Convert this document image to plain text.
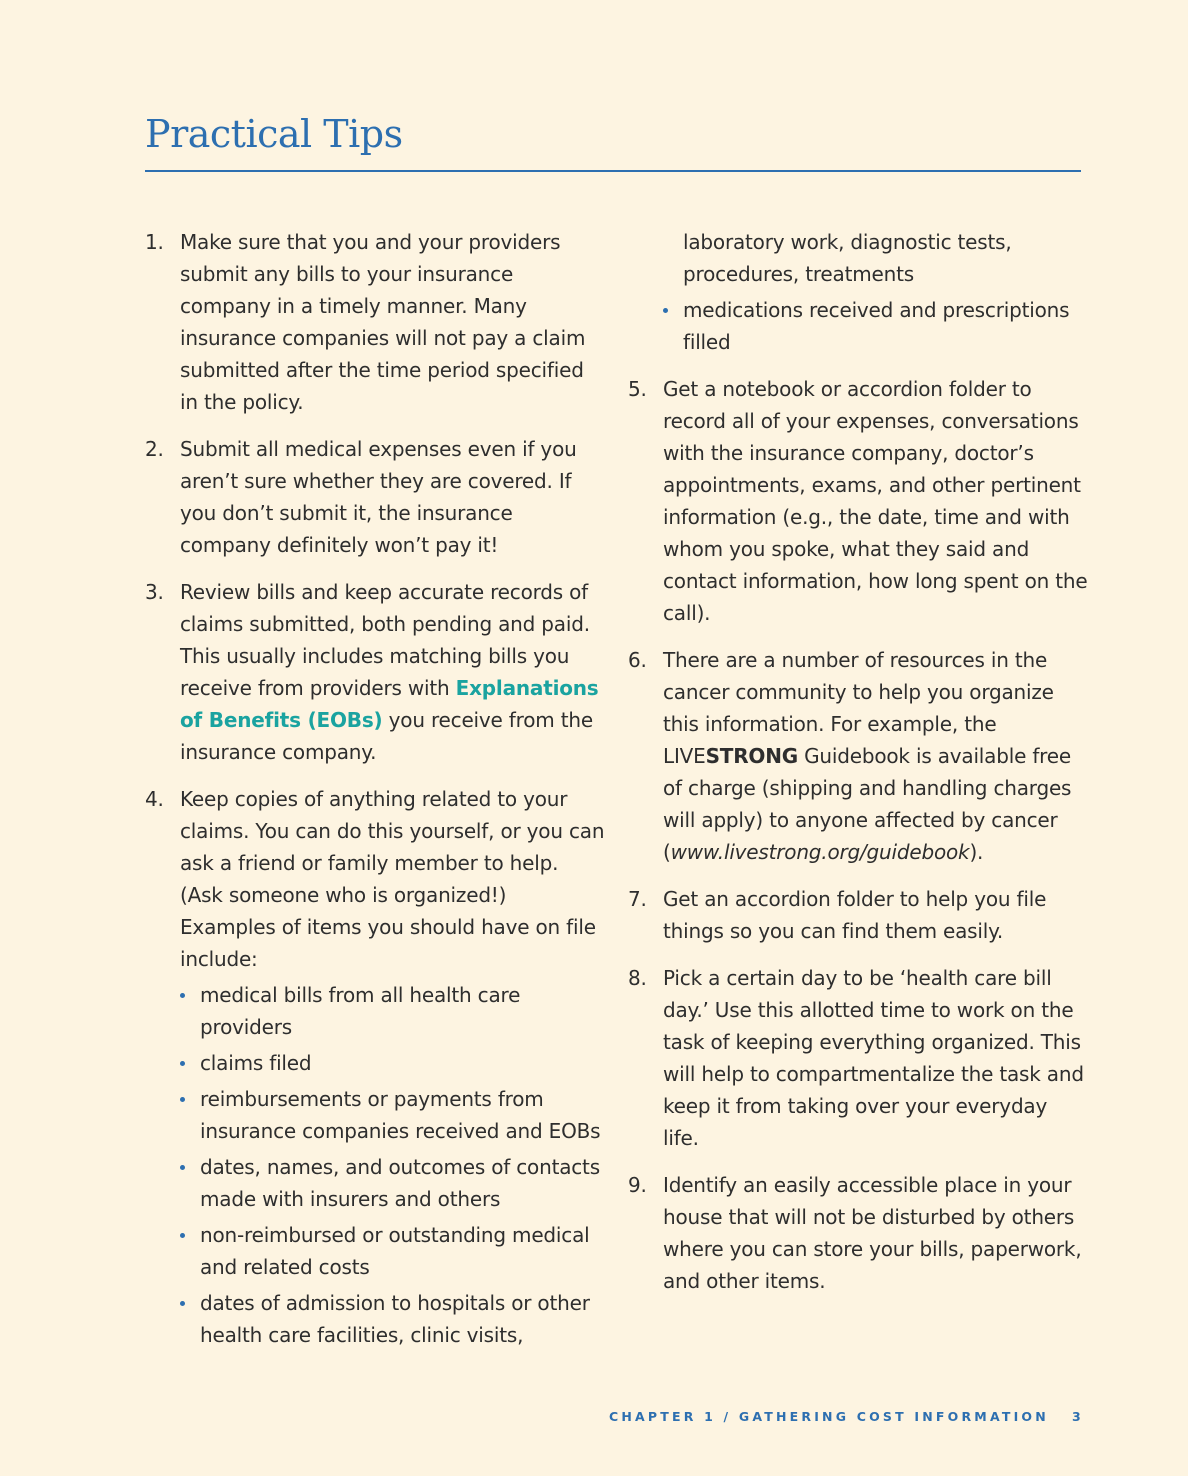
Practical Tips
1. Make sure that you and your providers submit any bills to your insurance company in a timely manner. Many insurance companies will not pay a claim submitted after the time period specified in the policy.
2. Submit all medical expenses even if you aren’t sure whether they are covered. If you don’t submit it, the insurance company definitely won’t pay it!
3. Review bills and keep accurate records of claims submitted, both pending and paid. This usually includes matching bills you receive from providers with Explanations of Benefits (EOBs) you receive from the insurance company.
4. Keep copies of anything related to your claims. You can do this yourself, or you can ask a friend or family member to help. (Ask someone who is organized!) Examples of items you should have on file include:
medical bills from all health care providers
claims filed
reimbursements or payments from insurance companies received and EOBs
dates, names, and outcomes of contacts made with insurers and others
non-reimbursed or outstanding medical and related costs
dates of admission to hospitals or other health care facilities, clinic visits,
laboratory work, diagnostic tests, procedures, treatments
medications received and prescriptions filled
5. Get a notebook or accordion folder to record all of your expenses, conversations with the insurance company, doctor’s appointments, exams, and other pertinent information (e.g., the date, time and with whom you spoke, what they said and contact information, how long spent on the call).
6. There are a number of resources in the cancer community to help you organize this information. For example, the LIVESTRONG Guidebook is available free of charge (shipping and handling charges will apply) to anyone affected by cancer (www.livestrong.org/guidebook).
7. Get an accordion folder to help you file things so you can find them easily.
8. Pick a certain day to be ‘health care bill day.’ Use this allotted time to work on the task of keeping everything organized. This will help to compartmentalize the task and keep it from taking over your everyday life.
9. Identify an easily accessible place in your house that will not be disturbed by others where you can store your bills, paperwork, and other items.
CHAPTER 1 / GATHERING COST INFORMATION 3
